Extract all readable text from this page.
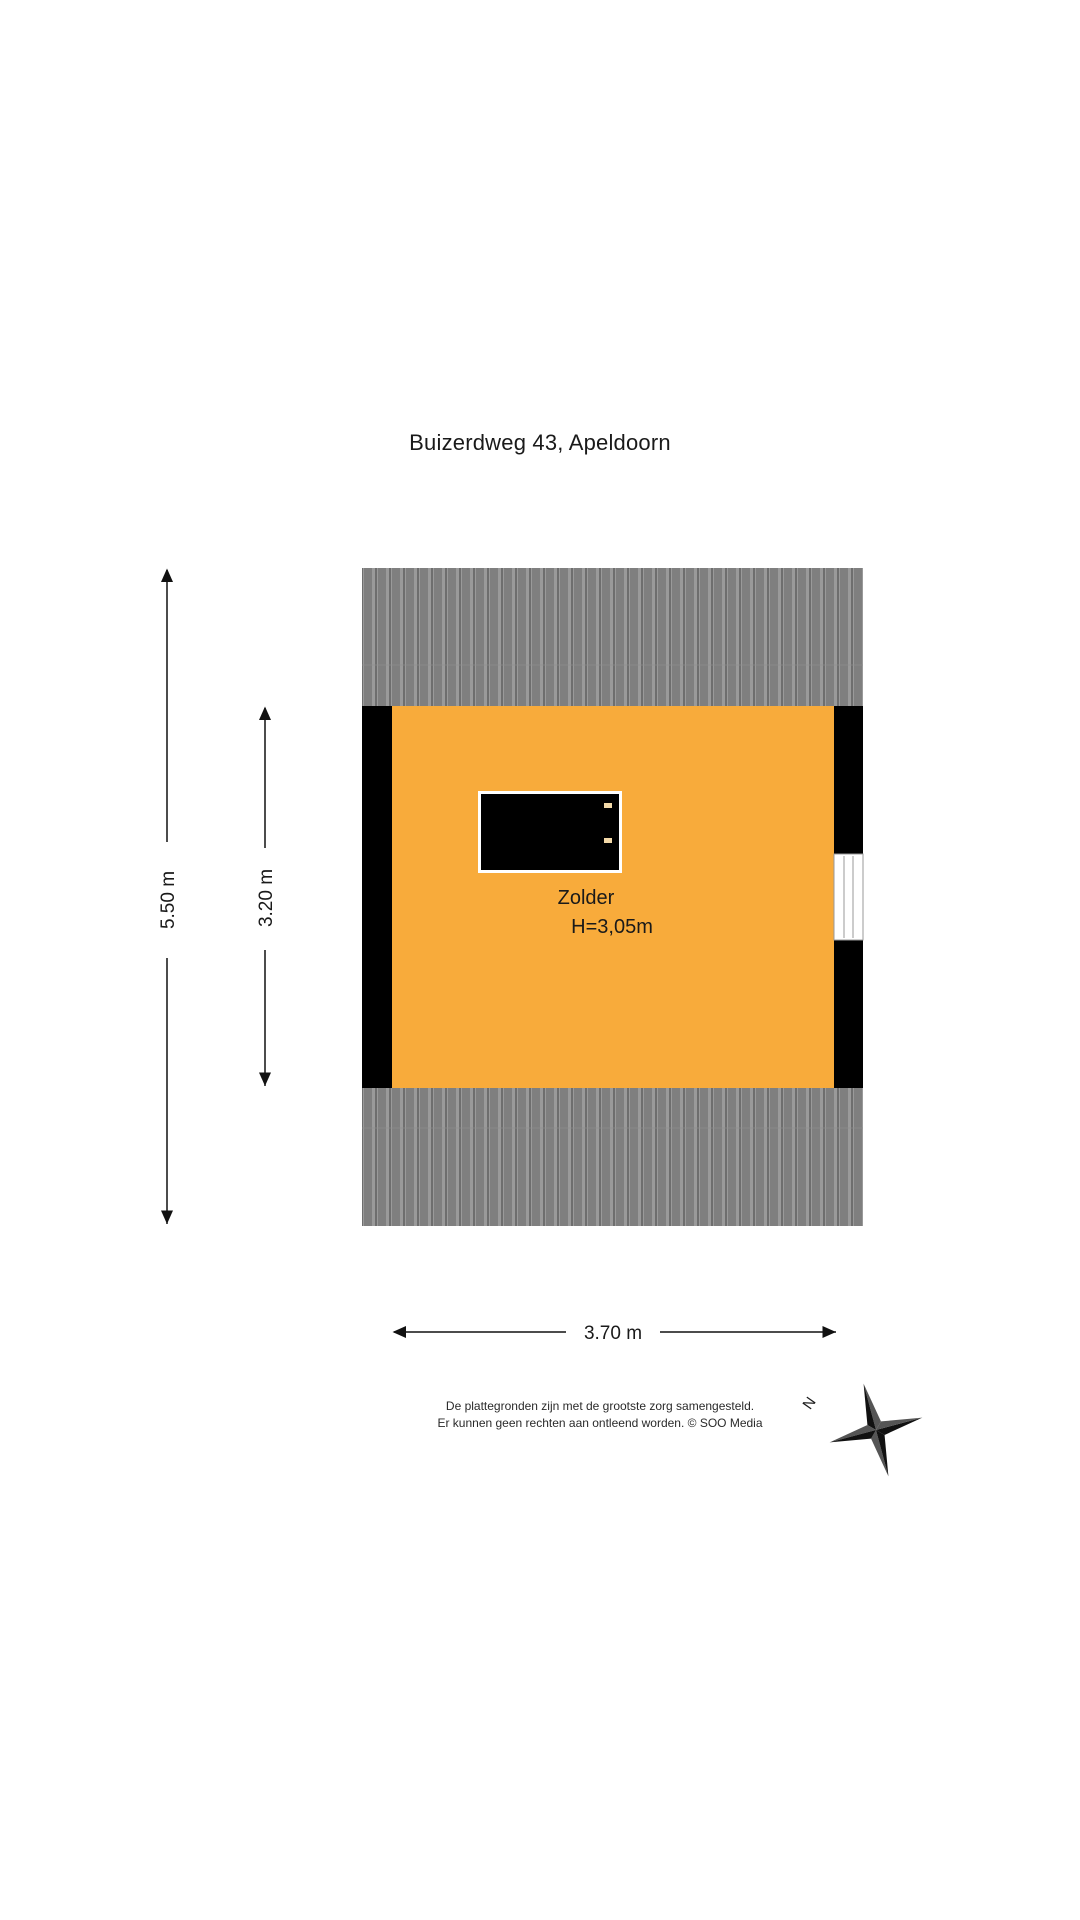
Buizerdweg 43, Apeldoorn
Zolder
H=3,05m
5.50 m	3.20 m
3.70 m
N
De plattegronden zijn met de grootste zorg samengesteld.
Er kunnen geen rechten aan ontleend worden. © SOO Media
